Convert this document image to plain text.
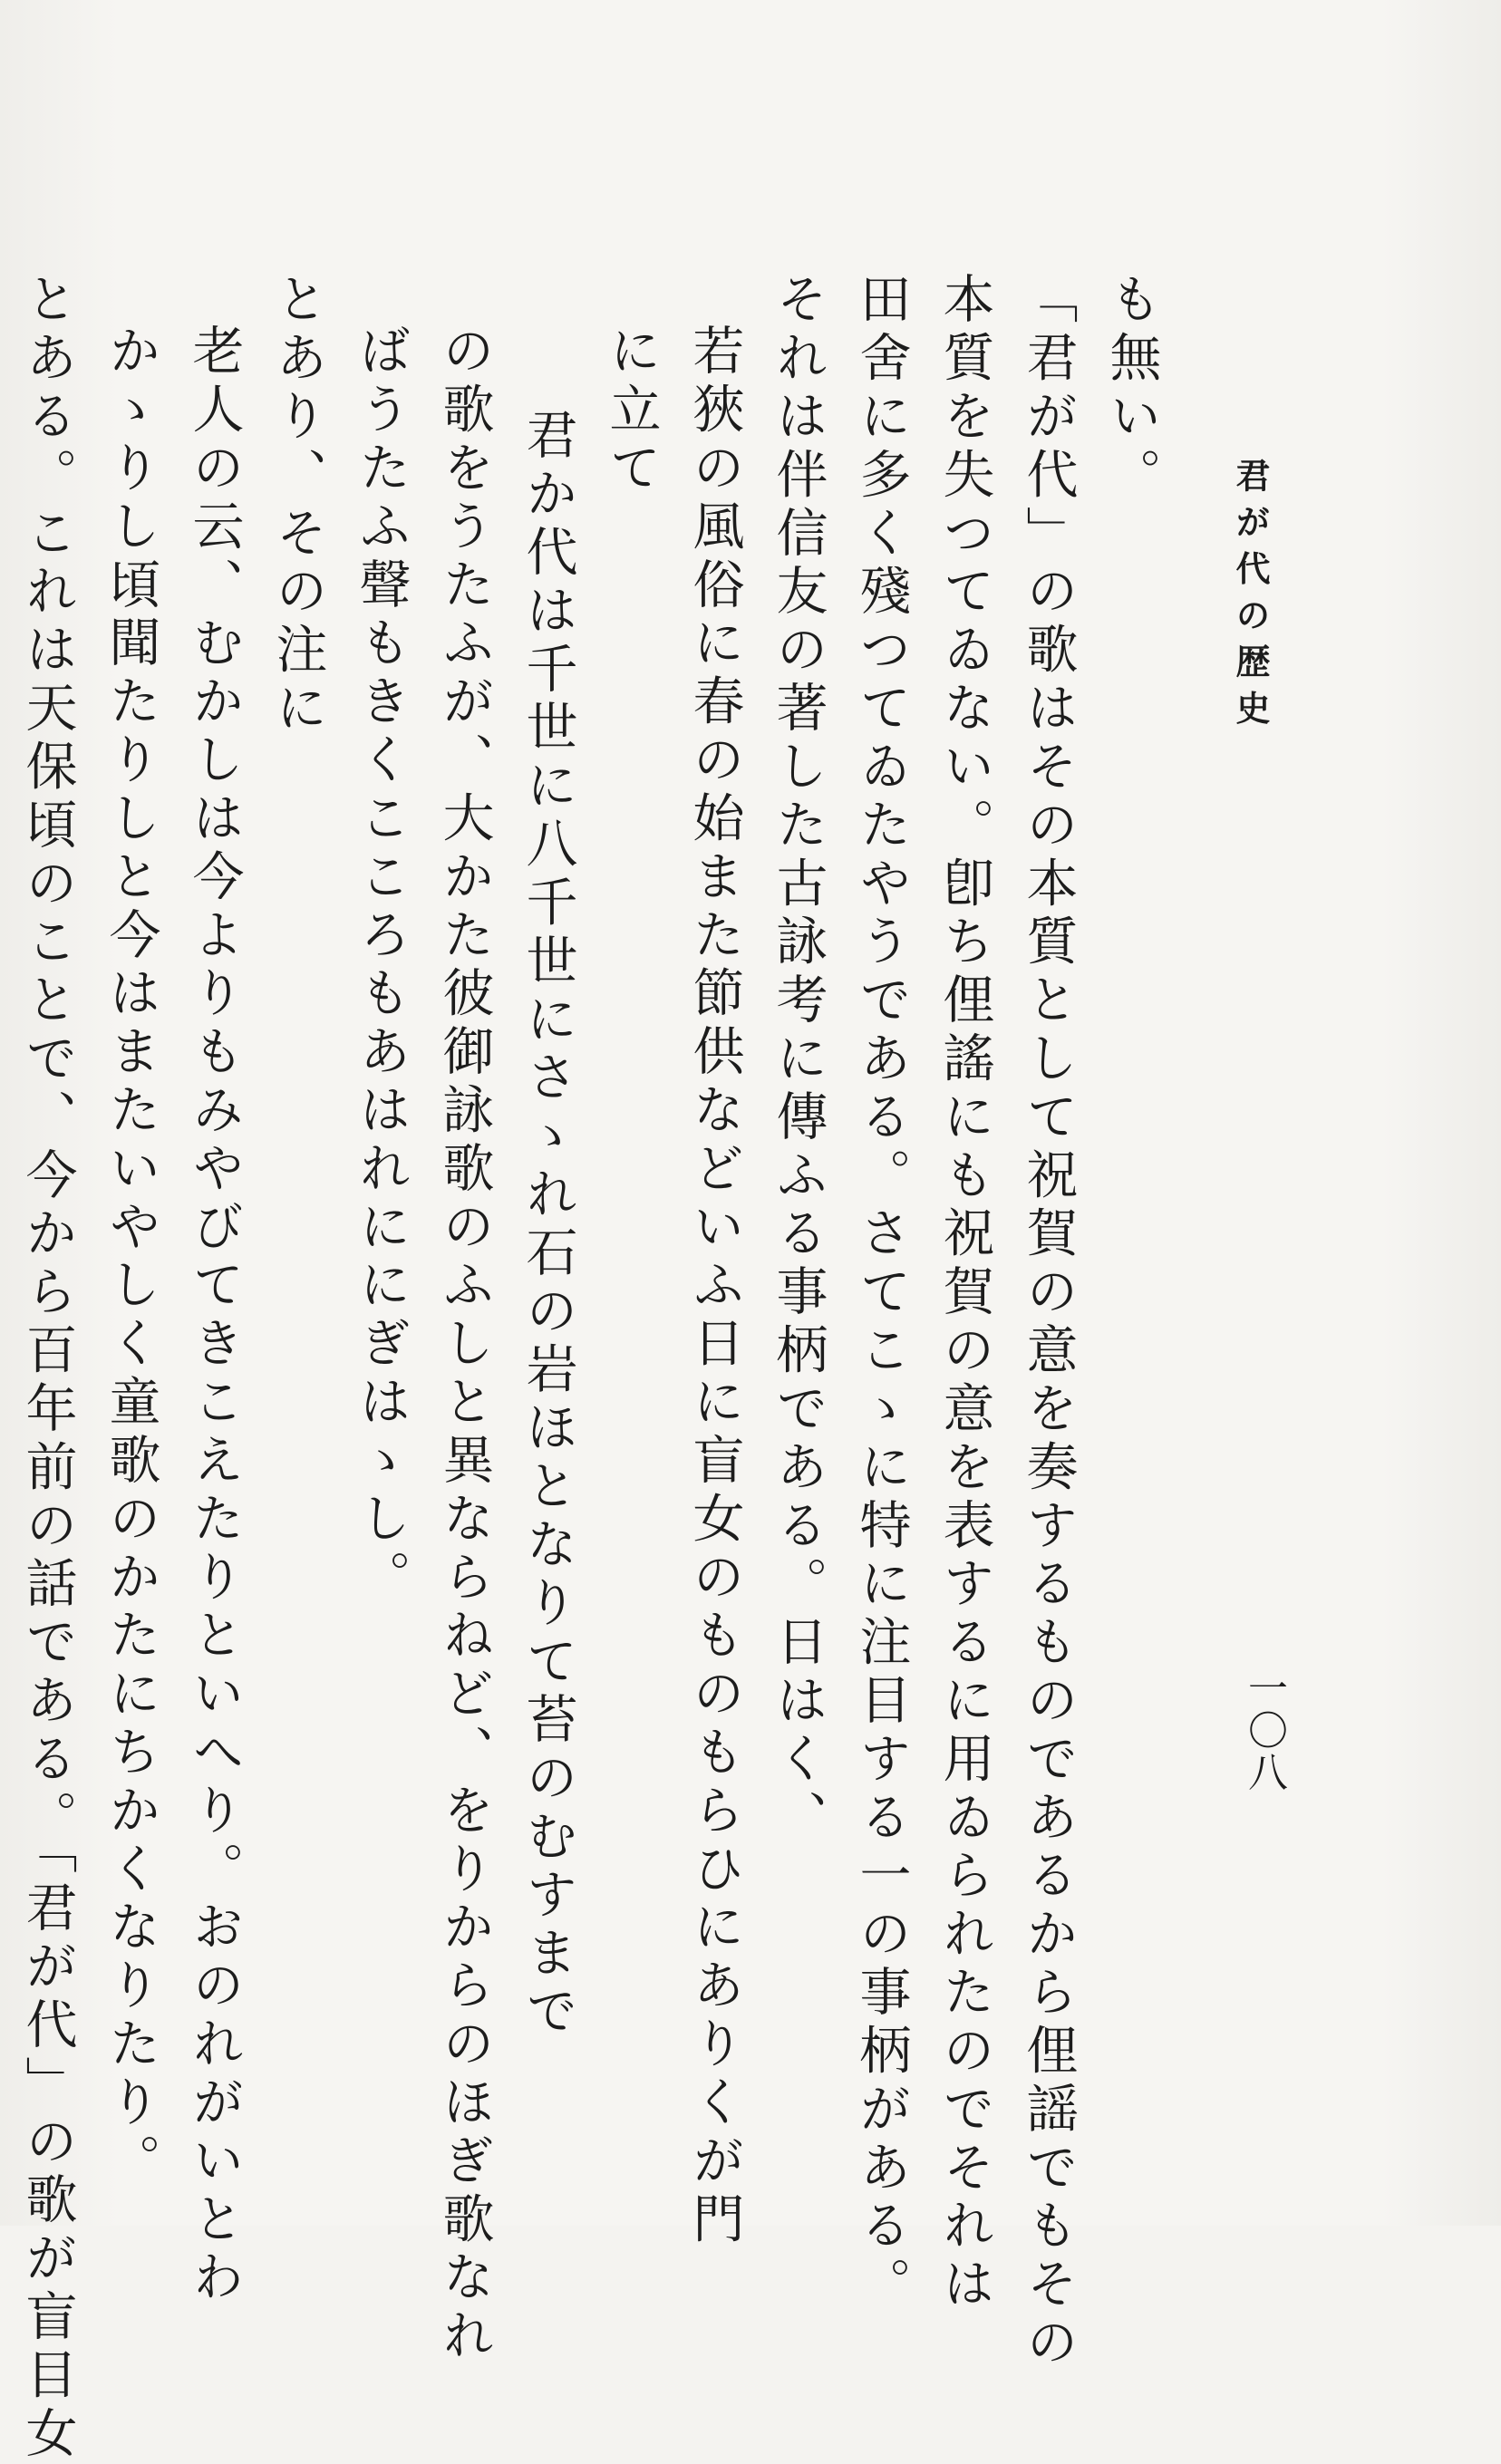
一〇八
君が代の歴史
も無い。
「君が代」の歌はその本質として祝賀の意を奏するものであるから俚謡でもその
本質を失つてゐない。卽ち俚謠にも祝賀の意を表するに用ゐられたのでそれは
田舍に多く殘つてゐたやうである。さてこゝに特に注目する一の事柄がある。
それは伴信友の著した古詠考に傳ふる事柄である。日はく、
若狹の風俗に春の始また節供などいふ日に盲女のものもらひにありくが門
に立て
君か代は千世に八千世にさゝれ石の岩ほとなりて苔のむすまで
の歌をうたふが、大かた彼御詠歌のふしと異ならねど、をりからのほぎ歌なれ
ばうたふ聲もきくこころもあはれににぎはゝし。
とあり、その注に
老人の云、むかしは今よりもみやびてきこえたりといへり。おのれがいとわ
かゝりし頃聞たりしと今はまたいやしく童歌のかたにちかくなりたり。
とある。これは天保頃のことで、今から百年前の話である。「君が代」の歌が盲目女
